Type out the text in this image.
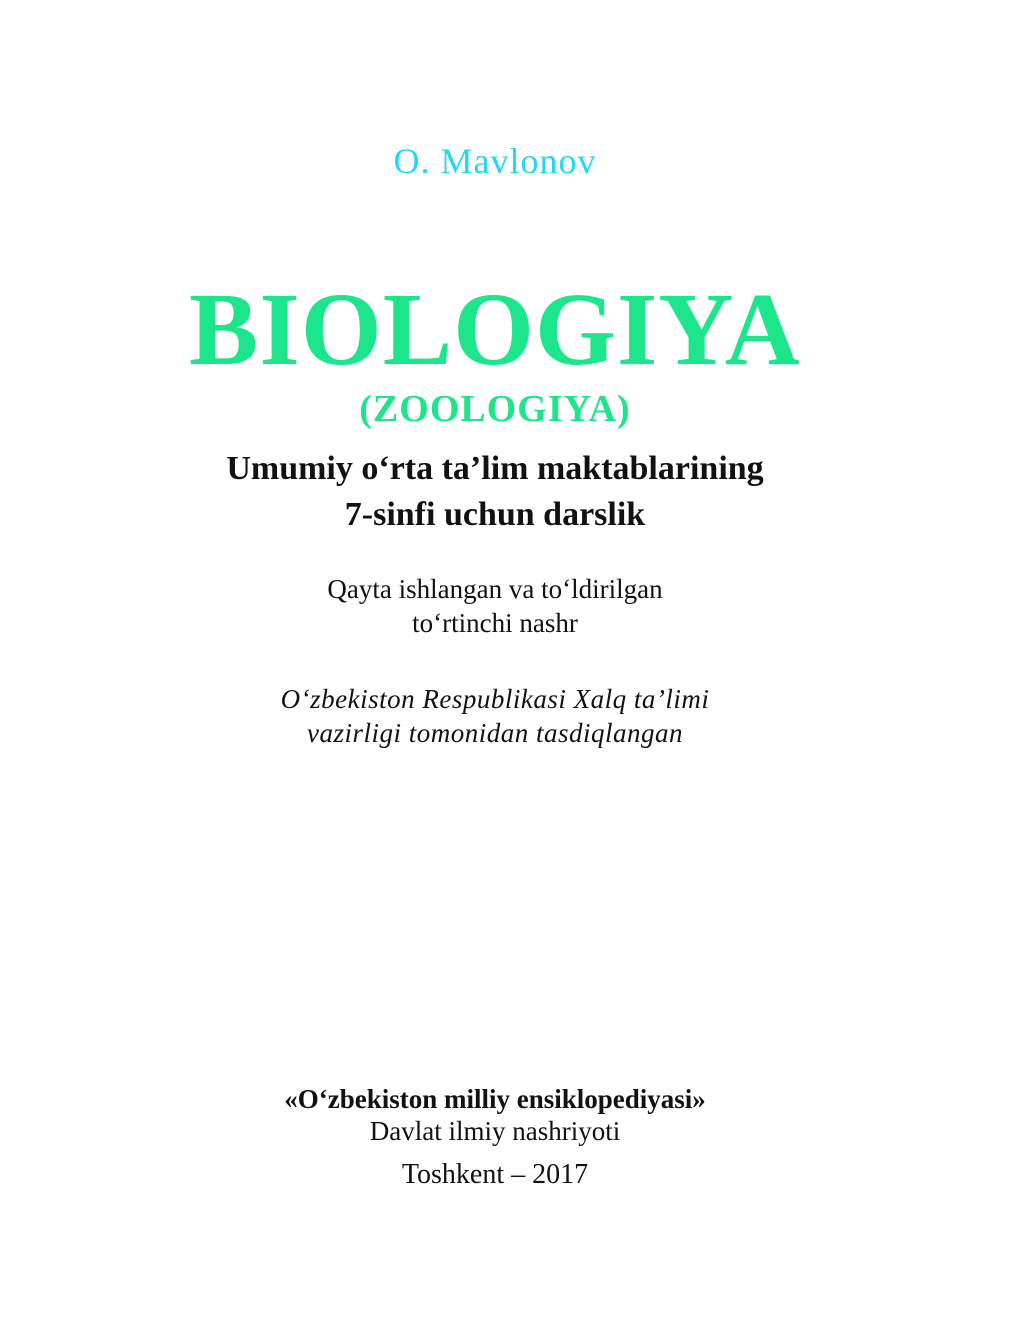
O. Mavlonov
BIOLOGIYA
(ZOOLOGIYA)
Umumiy o‘rta ta’lim maktablarining
7-sinfi uchun darslik
Qayta ishlangan va to‘ldirilgan
to‘rtinchi nashr
O‘zbekiston Respublikasi Xalq ta’limi
vazirligi tomonidan tasdiqlangan
«O‘zbekiston milliy ensiklopediyasi»
Davlat ilmiy nashriyoti
Toshkent – 2017
